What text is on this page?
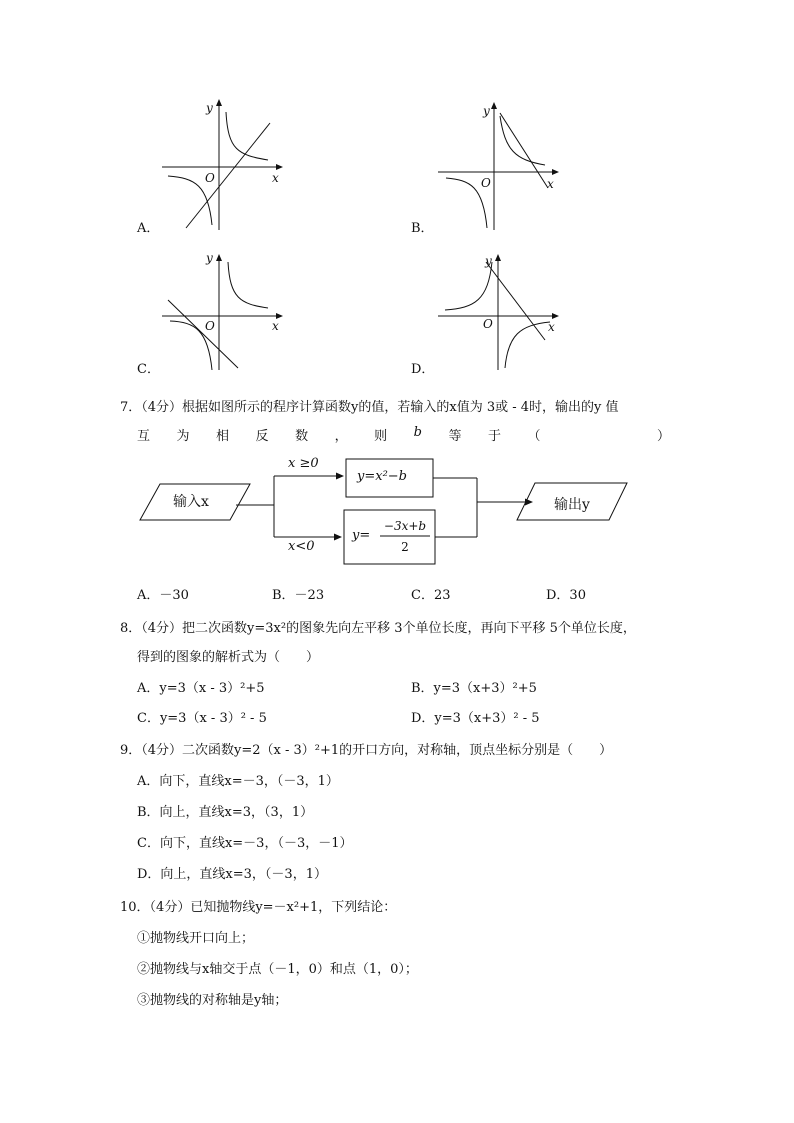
y
x
O
y
x
O
y
x
O
y
x
O
A．	B．
C．	D．
7．（4分）根据如图所示的程序计算函数y的值，若输入的x值为 3或 - 4时，输出的y 值
互 为 相 反 数 ， 则 b 等 于 （	）
输入x
x ≥0
x<0
y=x²−b
y=
−3x+b
2
输出y
A．－30	B．－23	C．23	D．30
8．（4分）把二次函数y=3x²的图象先向左平移 3个单位长度，再向下平移 5个单位长度，
得到的图象的解析式为（　　）
A．y=3（x - 3）²+5	B．y=3（x+3）²+5
C．y=3（x - 3）² - 5	D．y=3（x+3）² - 5
9．（4分）二次函数y=2（x - 3）²+1的开口方向，对称轴，顶点坐标分别是（　　）
A．向下，直线x=－3，（－3，1）
B．向上，直线x=3，（3，1）
C．向下，直线x=－3，（－3，－1）
D．向上，直线x=3，（－3，1）
10．（4分）已知抛物线y=－x²+1，下列结论：
①抛物线开口向上；
②抛物线与x轴交于点（－1，0）和点（1，0）；
③抛物线的对称轴是y轴；
